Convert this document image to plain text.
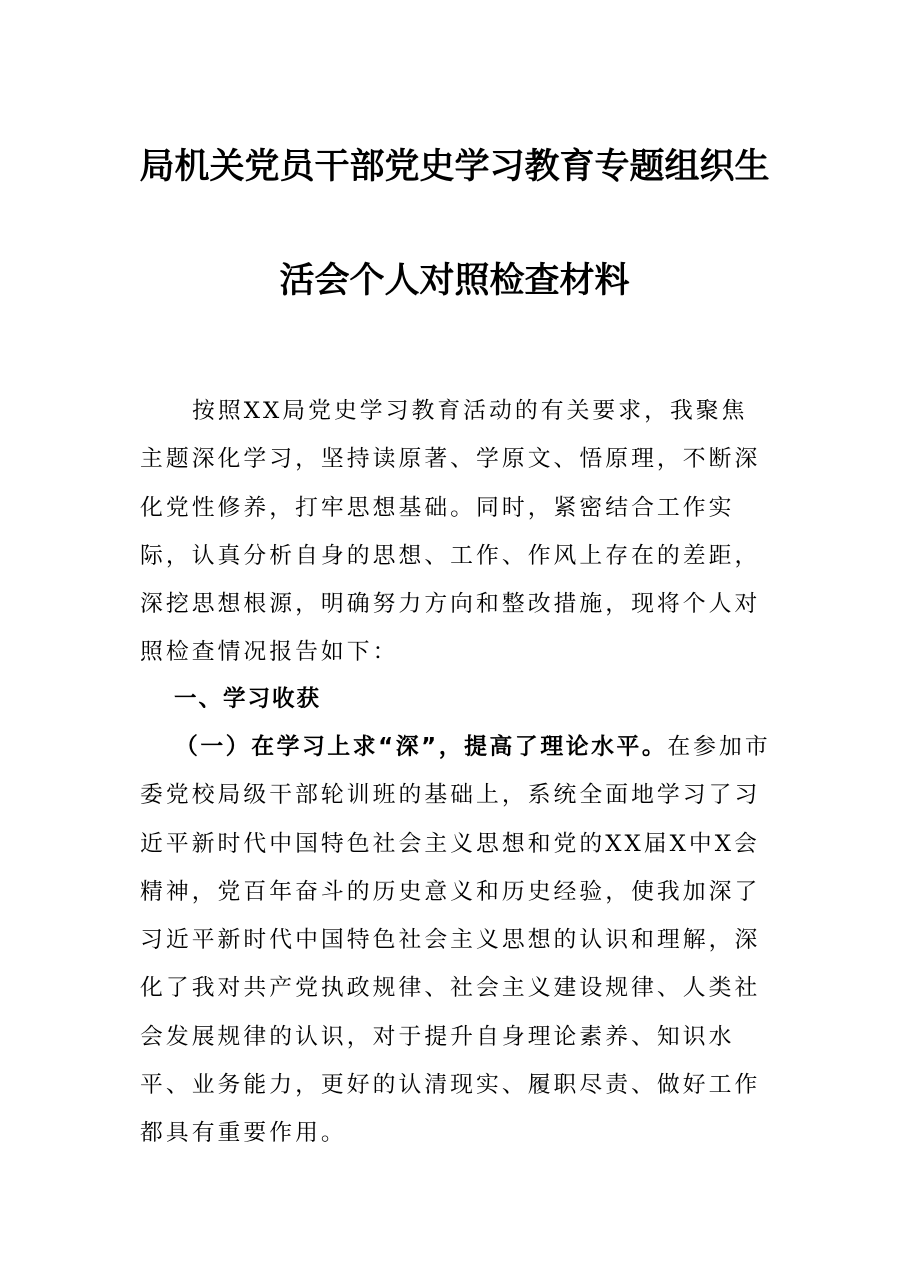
局机关党员干部党史学习教育专题组织生
活会个人对照检查材料

按照XX局党史学习教育活动的有关要求，我聚焦主题深化学习，坚持读原著、学原文、悟原理，不断深化党性修养，打牢思想基础。同时，紧密结合工作实际，认真分析自身的思想、工作、作风上存在的差距，深挖思想根源，明确努力方向和整改措施，现将个人对照检查情况报告如下：

一、学习收获

（一）在学习上求“深”，提高了理论水平。在参加市委党校局级干部轮训班的基础上，系统全面地学习了习近平新时代中国特色社会主义思想和党的XX届X中X会精神，党百年奋斗的历史意义和历史经验，使我加深了习近平新时代中国特色社会主义思想的认识和理解，深化了我对共产党执政规律、社会主义建设规律、人类社会发展规律的认识，对于提升自身理论素养、知识水平、业务能力，更好的认清现实、履职尽责、做好工作都具有重要作用。
